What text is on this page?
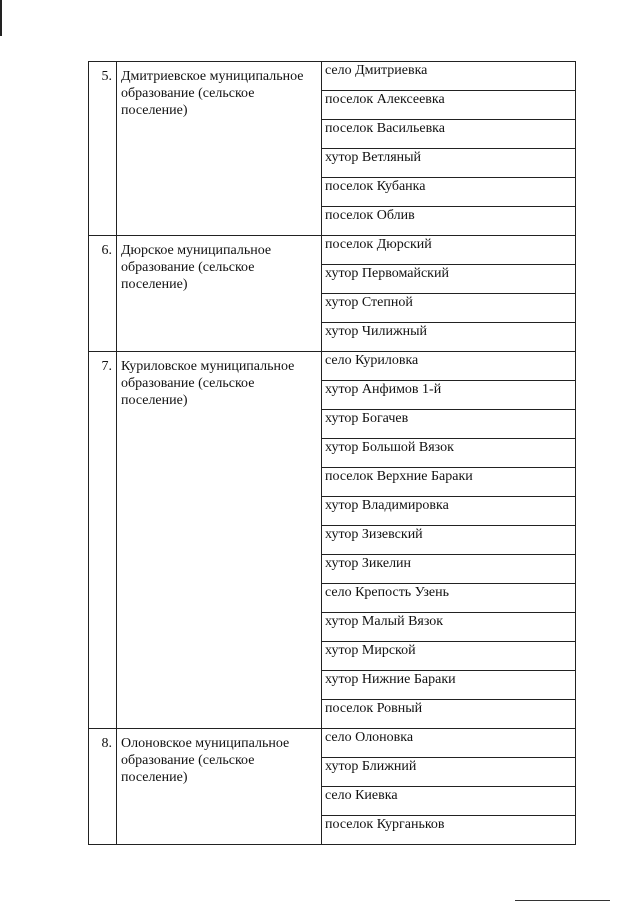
5.	Дмитриевское муниципальное образование (сельское поселение)	село Дмитриевка
		поселок Алексеевка
		поселок Васильевка
		хутор Ветляный
		поселок Кубанка
		поселок Облив
6.	Дюрское муниципальное образование (сельское поселение)	поселок Дюрский
		хутор Первомайский
		хутор Степной
		хутор Чилижный
7.	Куриловское муниципальное образование (сельское поселение)	село Куриловка
		хутор Анфимов 1-й
		хутор Богачев
		хутор Большой Вязок
		поселок Верхние Бараки
		хутор Владимировка
		хутор Зизевский
		хутор Зикелин
		село Крепость Узень
		хутор Малый Вязок
		хутор Мирской
		хутор Нижние Бараки
		поселок Ровный
8.	Олоновское муниципальное образование (сельское поселение)	село Олоновка
		хутор Ближний
		село Киевка
		поселок Курганьков
